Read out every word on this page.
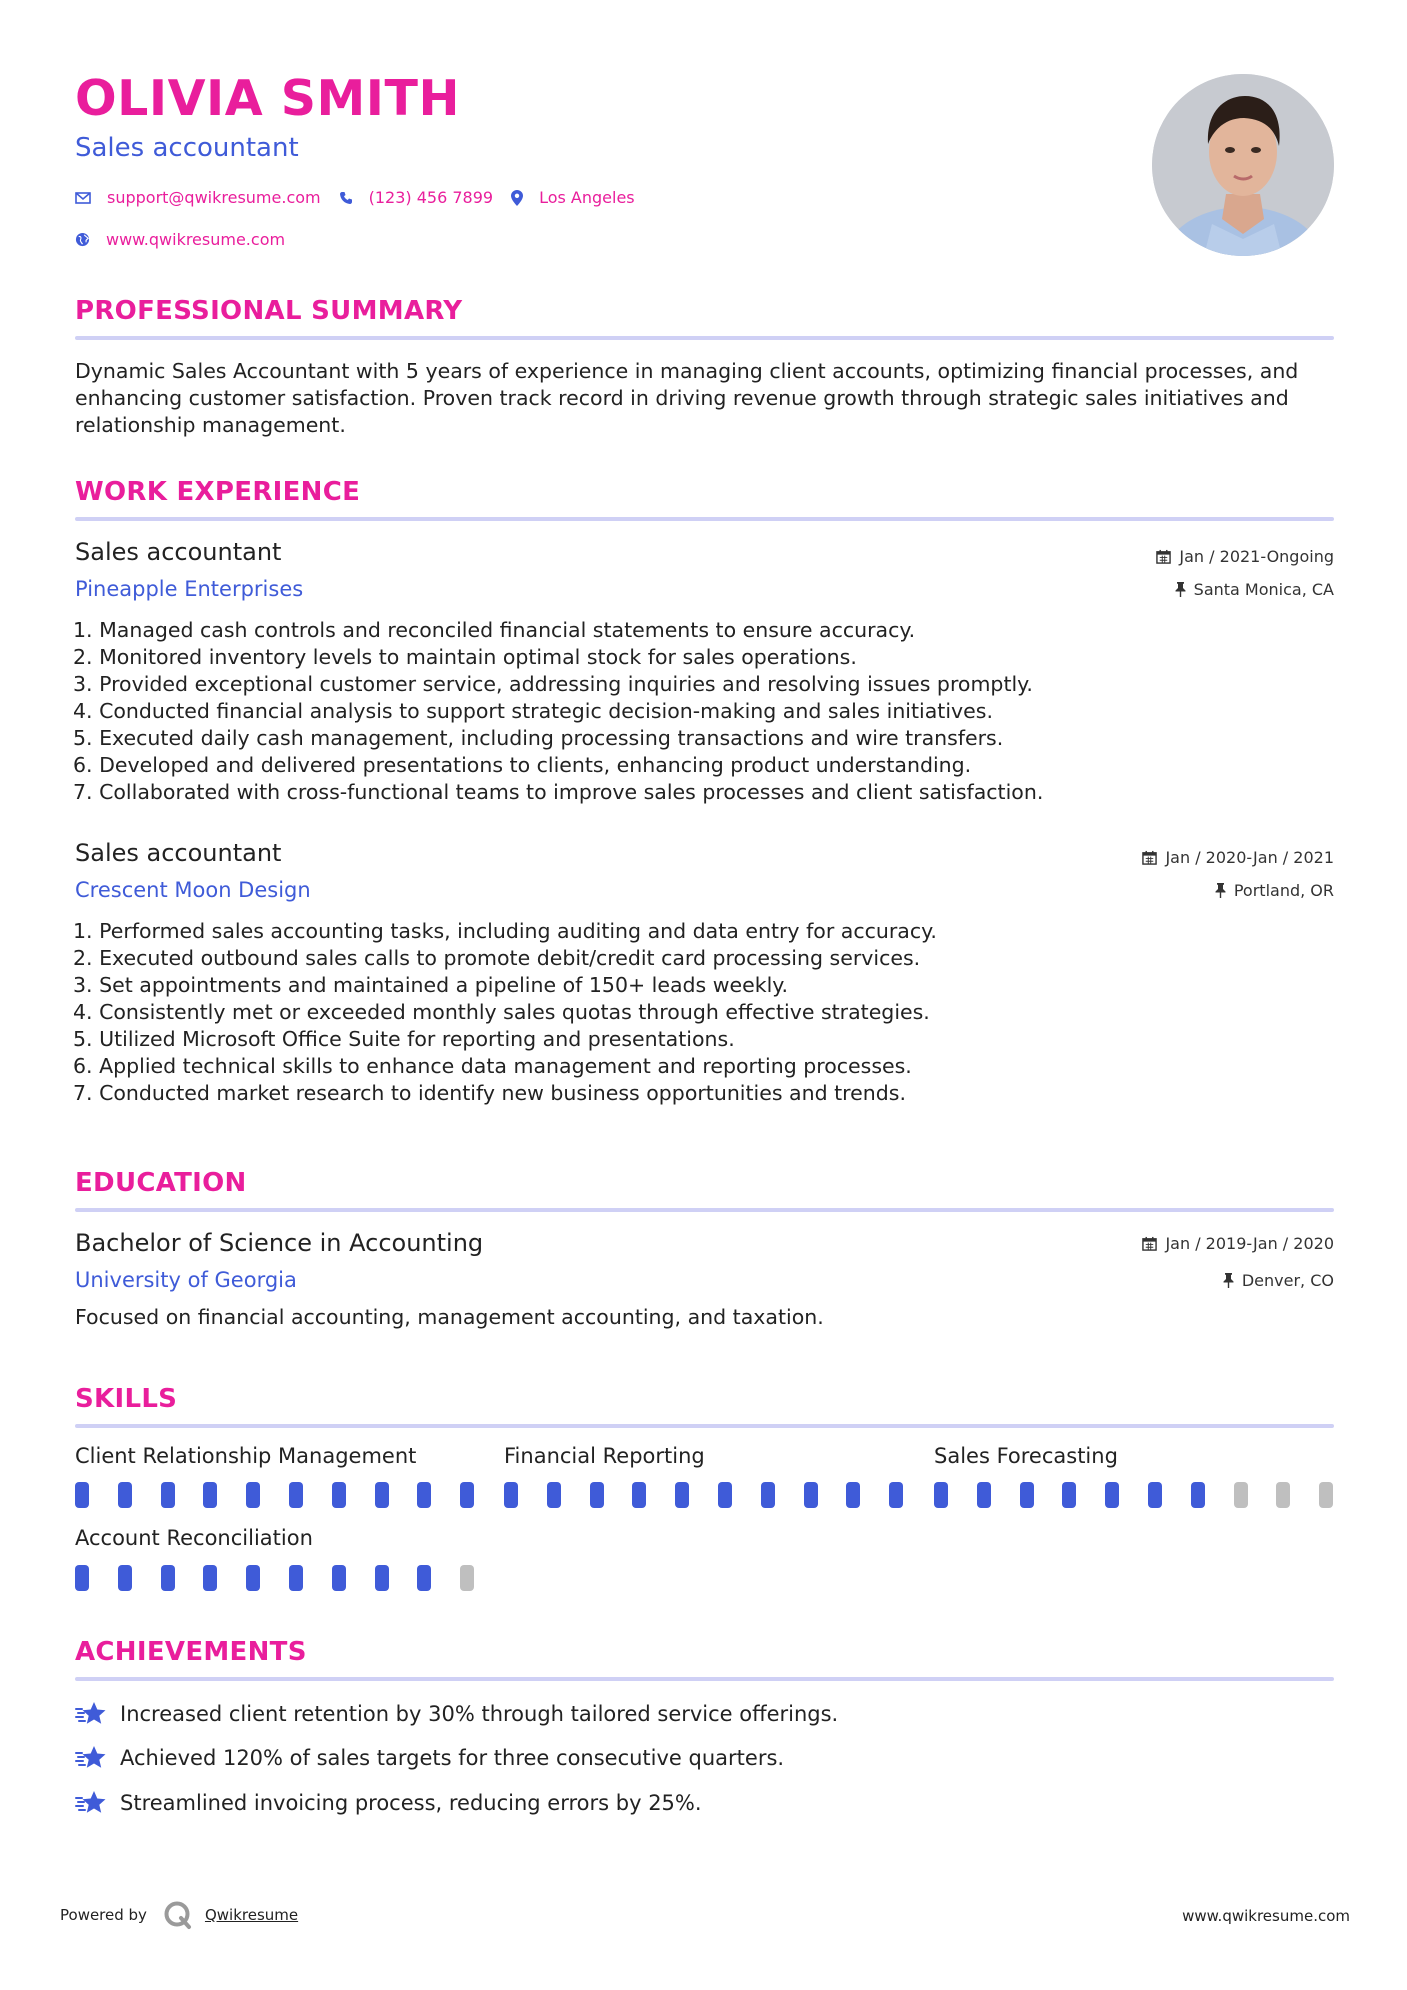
OLIVIA SMITH
Sales accountant
support@qwikresume.com	(123) 456 7899	Los Angeles
www.qwikresume.com
PROFESSIONAL SUMMARY
Dynamic Sales Accountant with 5 years of experience in managing client accounts, optimizing financial processes, and enhancing customer satisfaction. Proven track record in driving revenue growth through strategic sales initiatives and relationship management.
WORK EXPERIENCE
Sales accountant	Jan / 2021-Ongoing
Pineapple Enterprises	Santa Monica, CA
1. Managed cash controls and reconciled financial statements to ensure accuracy.
2. Monitored inventory levels to maintain optimal stock for sales operations.
3. Provided exceptional customer service, addressing inquiries and resolving issues promptly.
4. Conducted financial analysis to support strategic decision-making and sales initiatives.
5. Executed daily cash management, including processing transactions and wire transfers.
6. Developed and delivered presentations to clients, enhancing product understanding.
7. Collaborated with cross-functional teams to improve sales processes and client satisfaction.
Sales accountant	Jan / 2020-Jan / 2021
Crescent Moon Design	Portland, OR
1. Performed sales accounting tasks, including auditing and data entry for accuracy.
2. Executed outbound sales calls to promote debit/credit card processing services.
3. Set appointments and maintained a pipeline of 150+ leads weekly.
4. Consistently met or exceeded monthly sales quotas through effective strategies.
5. Utilized Microsoft Office Suite for reporting and presentations.
6. Applied technical skills to enhance data management and reporting processes.
7. Conducted market research to identify new business opportunities and trends.
EDUCATION
Bachelor of Science in Accounting	Jan / 2019-Jan / 2020
University of Georgia	Denver, CO
Focused on financial accounting, management accounting, and taxation.
SKILLS
Client Relationship Management	Financial Reporting	Sales Forecasting
Account Reconciliation
ACHIEVEMENTS
Increased client retention by 30% through tailored service offerings.
Achieved 120% of sales targets for three consecutive quarters.
Streamlined invoicing process, reducing errors by 25%.
Powered by	Qwikresume	www.qwikresume.com
